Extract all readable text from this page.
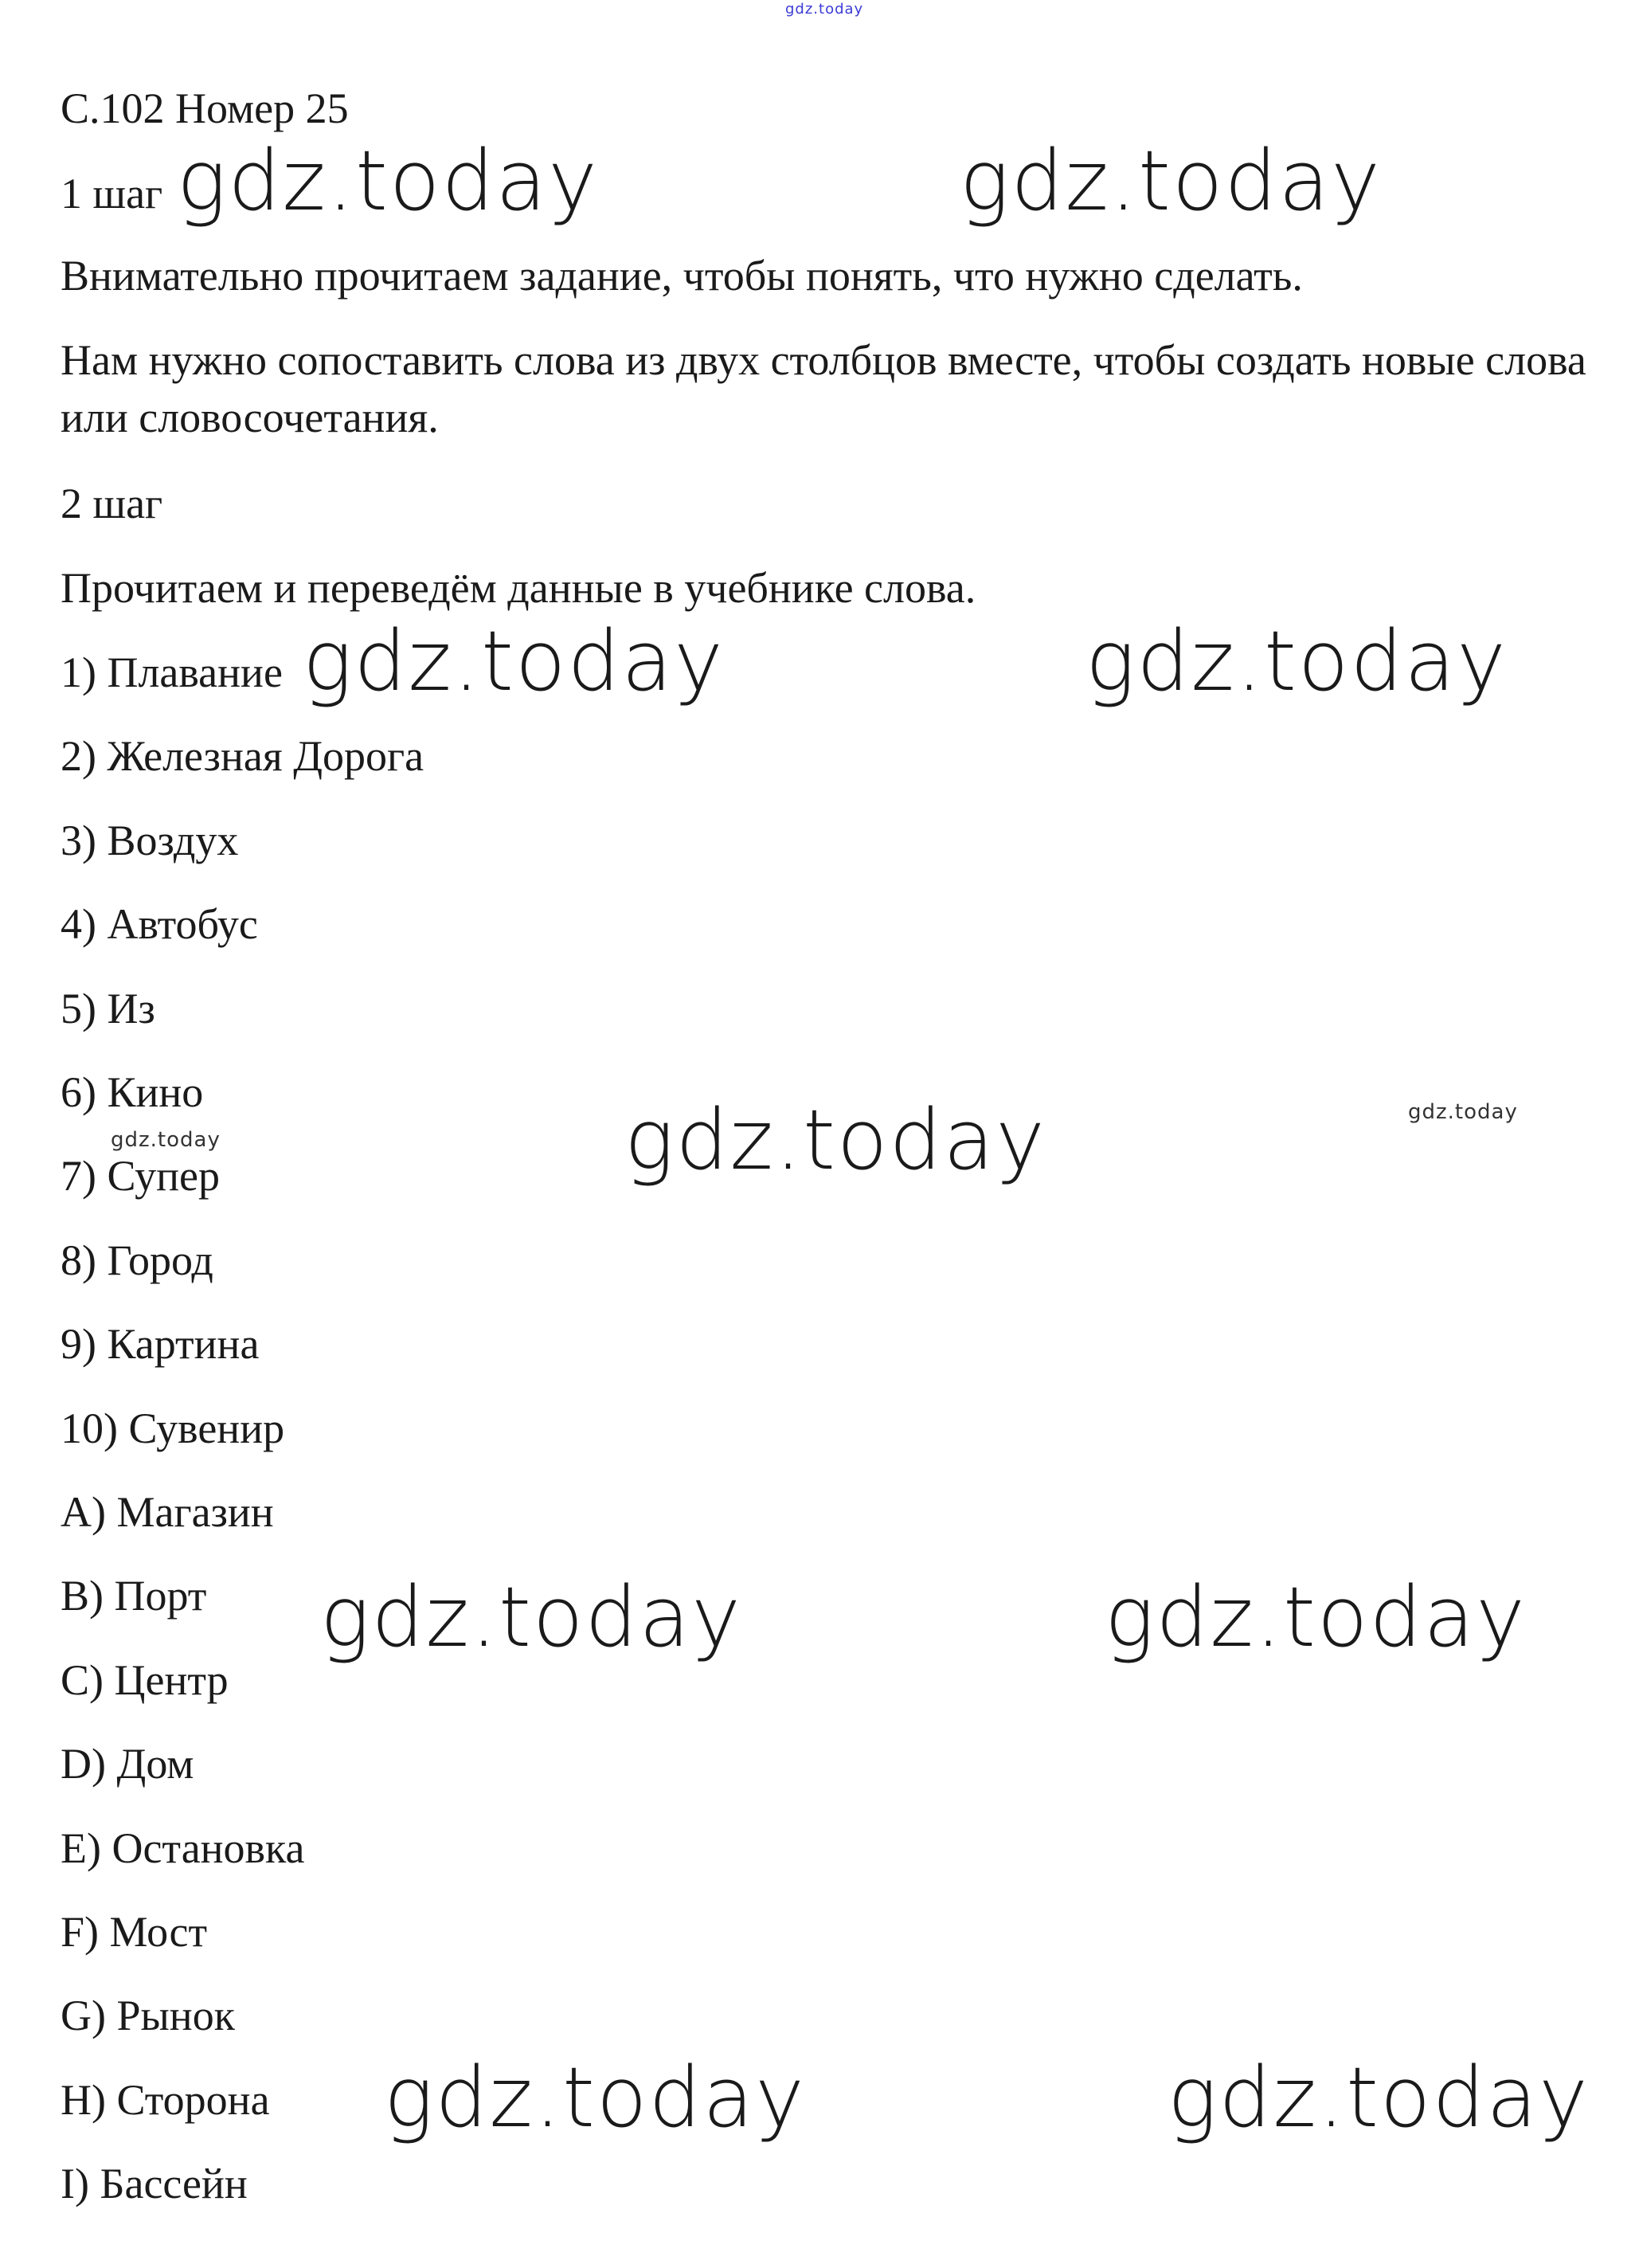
gdz.today
С.102 Номер 25
1 шаг
Внимательно прочитаем задание, чтобы понять, что нужно сделать.
Нам нужно сопоставить слова из двух столбцов вместе, чтобы создать новые слова или словосочетания.
2 шаг
Прочитаем и переведём данные в учебнике слова.
1) Плавание
2) Железная Дорога
3) Воздух
4) Автобус
5) Из
6) Кино
7) Супер
8) Город
9) Картина
10) Сувенир
A) Магазин
B) Порт
C) Центр
D) Дом
E) Остановка
F) Мост
G) Рынок
H) Сторона
I) Бассейн
gdz.today	gdz.today
gdz.today	gdz.today
gdz.today
gdz.today	gdz.today
gdz.today	gdz.today
gdz.today
gdz.today
